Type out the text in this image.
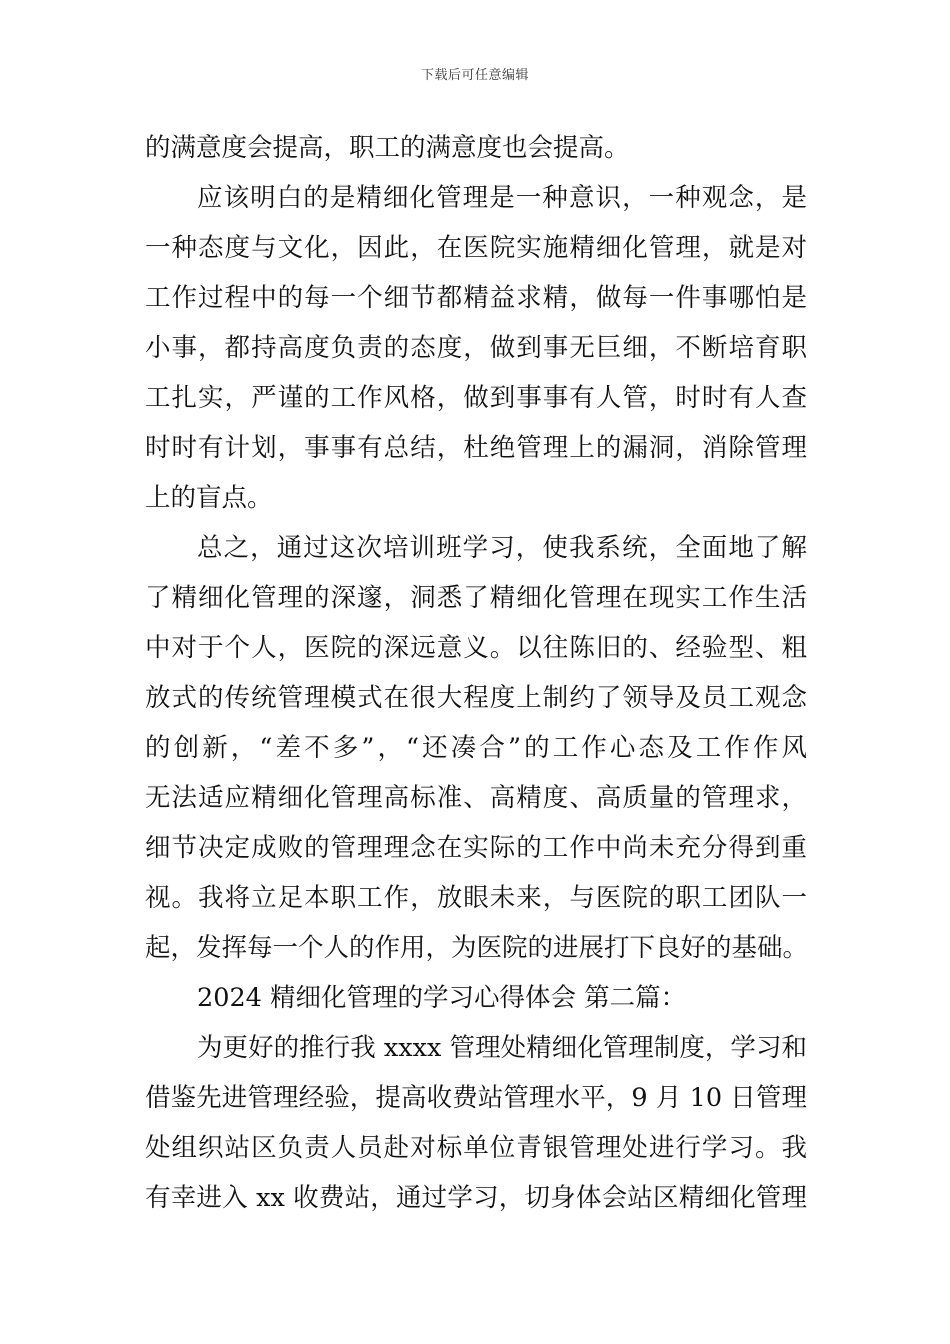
下载后可任意编辑
的满意度会提高，职工的满意度也会提高。
应该明白的是精细化管理是一种意识，一种观念，是
一种态度与文化，因此，在医院实施精细化管理，就是对
工作过程中的每一个细节都精益求精，做每一件事哪怕是
小事，都持高度负责的态度，做到事无巨细，不断培育职
工扎实，严谨的工作风格，做到事事有人管，时时有人查
时时有计划，事事有总结，杜绝管理上的漏洞，消除管理
上的盲点。
总之，通过这次培训班学习，使我系统，全面地了解
了精细化管理的深邃，洞悉了精细化管理在现实工作生活
中对于个人，医院的深远意义。以往陈旧的、经验型、粗
放式的传统管理模式在很大程度上制约了领导及员工观念
的创新，“差不多”，“还凑合”的工作心态及工作作风
无法适应精细化管理高标准、高精度、高质量的管理求，
细节决定成败的管理理念在实际的工作中尚未充分得到重
视。我将立足本职工作，放眼未来，与医院的职工团队一
起，发挥每一个人的作用，为医院的进展打下良好的基础。
2024 精细化管理的学习心得体会 第二篇：
为更好的推行我 xxxx 管理处精细化管理制度，学习和
借鉴先进管理经验，提高收费站管理水平，9 月 10 日管理
处组织站区负责人员赴对标单位青银管理处进行学习。我
有幸进入 xx 收费站，通过学习，切身体会站区精细化管理
